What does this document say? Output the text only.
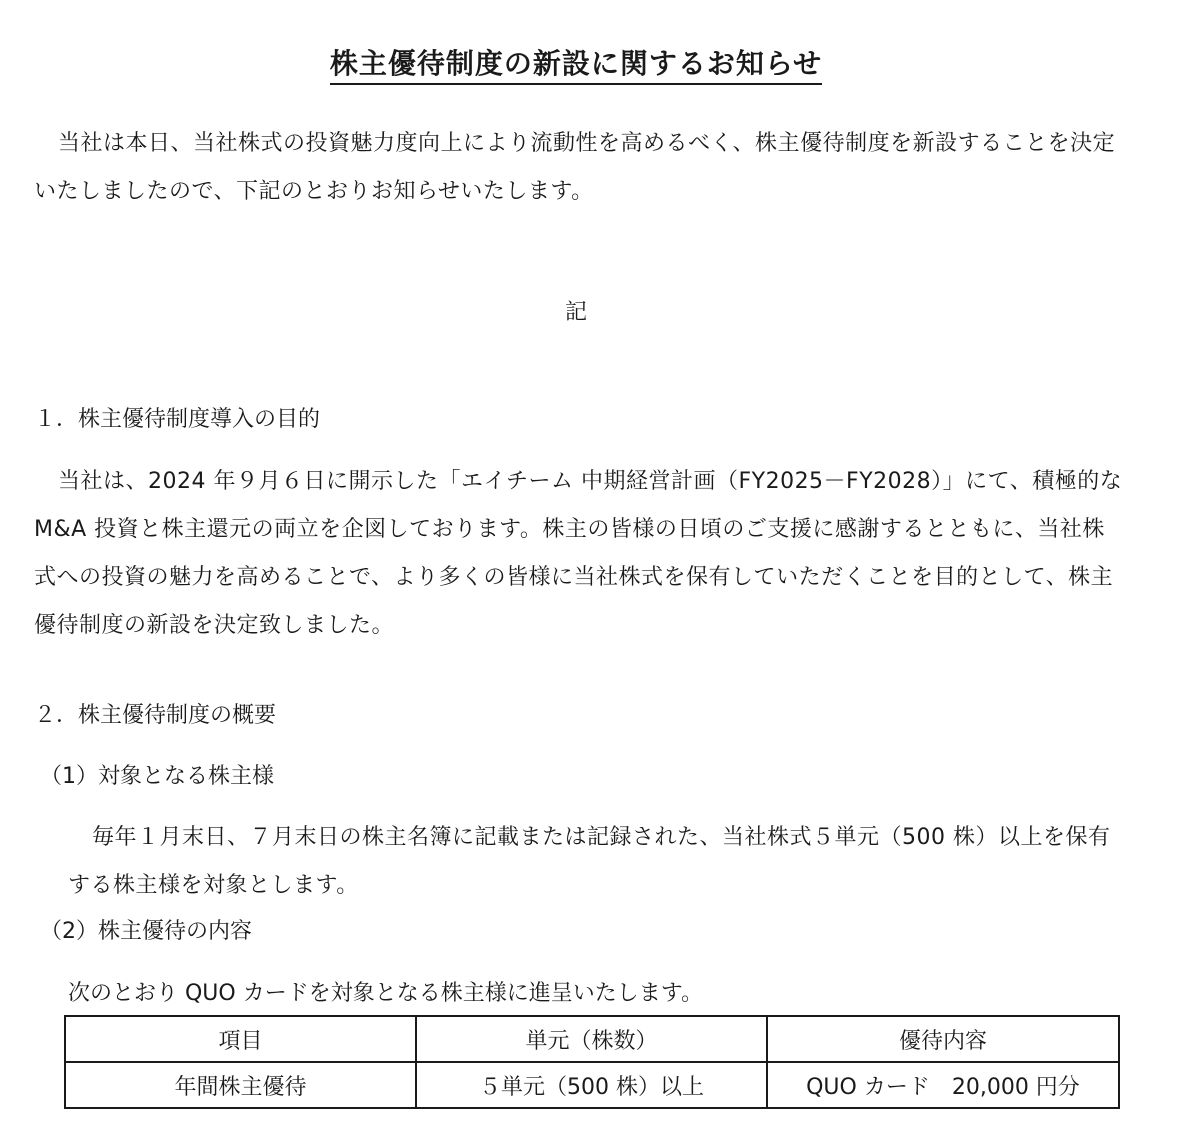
株主優待制度の新設に関するお知らせ
当社は本日、当社株式の投資魅力度向上により流動性を高めるべく、株主優待制度を新設することを決定いたしましたので、下記のとおりお知らせいたします。
記
１．株主優待制度導入の目的
当社は、2024 年９月６日に開示した「エイチーム 中期経営計画（FY2025－FY2028）」にて、積極的な M&A 投資と株主還元の両立を企図しております。株主の皆様の日頃のご支援に感謝するとともに、当社株式への投資の魅力を高めることで、より多くの皆様に当社株式を保有していただくことを目的として、株主優待制度の新設を決定致しました。
２．株主優待制度の概要
（1）対象となる株主様
毎年１月末日、７月末日の株主名簿に記載または記録された、当社株式５単元（500 株）以上を保有する株主様を対象とします。
（2）株主優待の内容
次のとおり QUO カードを対象となる株主様に進呈いたします。
項目	単元（株数）	優待内容
年間株主優待	５単元（500 株）以上	QUO カード　20,000 円分
